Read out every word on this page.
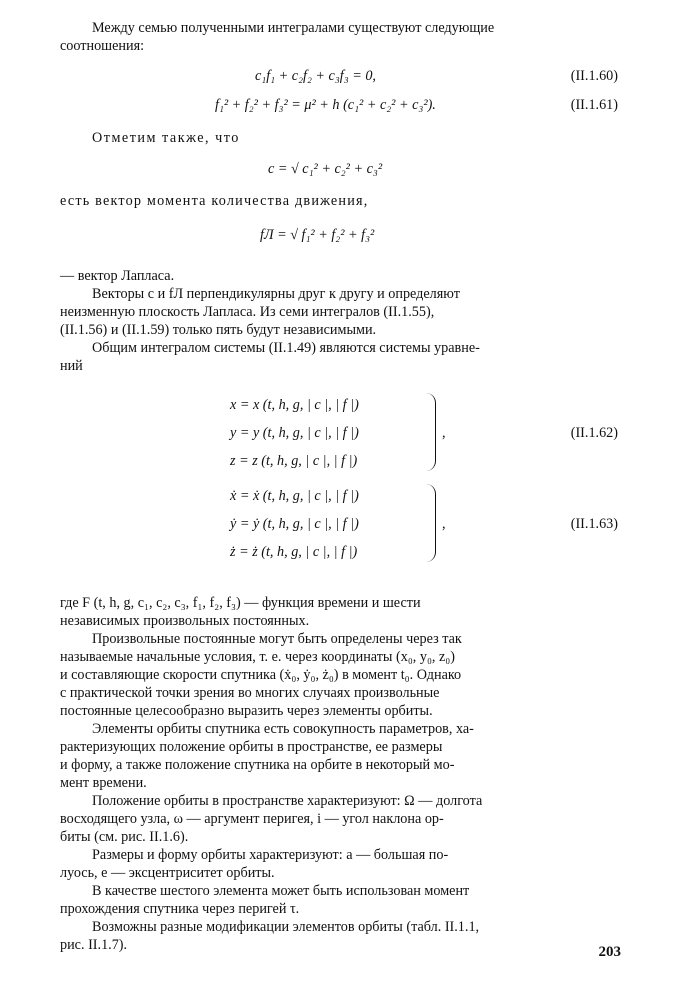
Между семью полученными интегралами существуют следующие

соотношения:

c₁f₁ + c₂f₂ + c₃f₃ = 0,	(II.1.60)
f₁² + f₂² + f₃² = μ² + h (c₁² + c₂² + c₃²).	(II.1.61)

Отметим также, что

c = √ c₁² + c₂² + c₃²

есть вектор момента количества движения,

fЛ = √ f₁² + f₂² + f₃²

— вектор Лапласа.

Векторы c и fЛ перпендикулярны друг к другу и определяют

неизменную плоскость Лапласа. Из семи интегралов (II.1.55),

(II.1.56) и (II.1.59) только пять будут независимыми.

Общим интегралом системы (II.1.49) являются системы уравне-

ний

x = x (t, h, g, | c |, | f |)
y = y (t, h, g, | c |, | f |)
z = z (t, h, g, | c |, | f |)
,	(II.1.62)
ẋ = ẋ (t, h, g, | c |, | f |)
ẏ = ẏ (t, h, g, | c |, | f |)
ż = ż (t, h, g, | c |, | f |)
,	(II.1.63)

где F (t, h, g, c₁, c₂, c₃, f₁, f₂, f₃) — функция времени и шести

независимых произвольных постоянных.

Произвольные постоянные могут быть определены через так

называемые начальные условия, т. е. через координаты (x₀, y₀, z₀)

и составляющие скорости спутника (ẋ₀, ẏ₀, ż₀) в момент t₀. Однако

с практической точки зрения во многих случаях произвольные

постоянные целесообразно выразить через элементы орбиты.

Элементы орбиты спутника есть совокупность параметров, ха-

рактеризующих положение орбиты в пространстве, ее размеры

и форму, а также положение спутника на орбите в некоторый мо-

мент времени.

Положение орбиты в пространстве характеризуют: Ω — долгота

восходящего узла, ω — аргумент перигея, i — угол наклона ор-

биты (см. рис. II.1.6).

Размеры и форму орбиты характеризуют: a — большая по-

луось, e — эксцентриситет орбиты.

В качестве шестого элемента может быть использован момент

прохождения спутника через перигей τ.

Возможны разные модификации элементов орбиты (табл. II.1.1,

рис. II.1.7).	203
